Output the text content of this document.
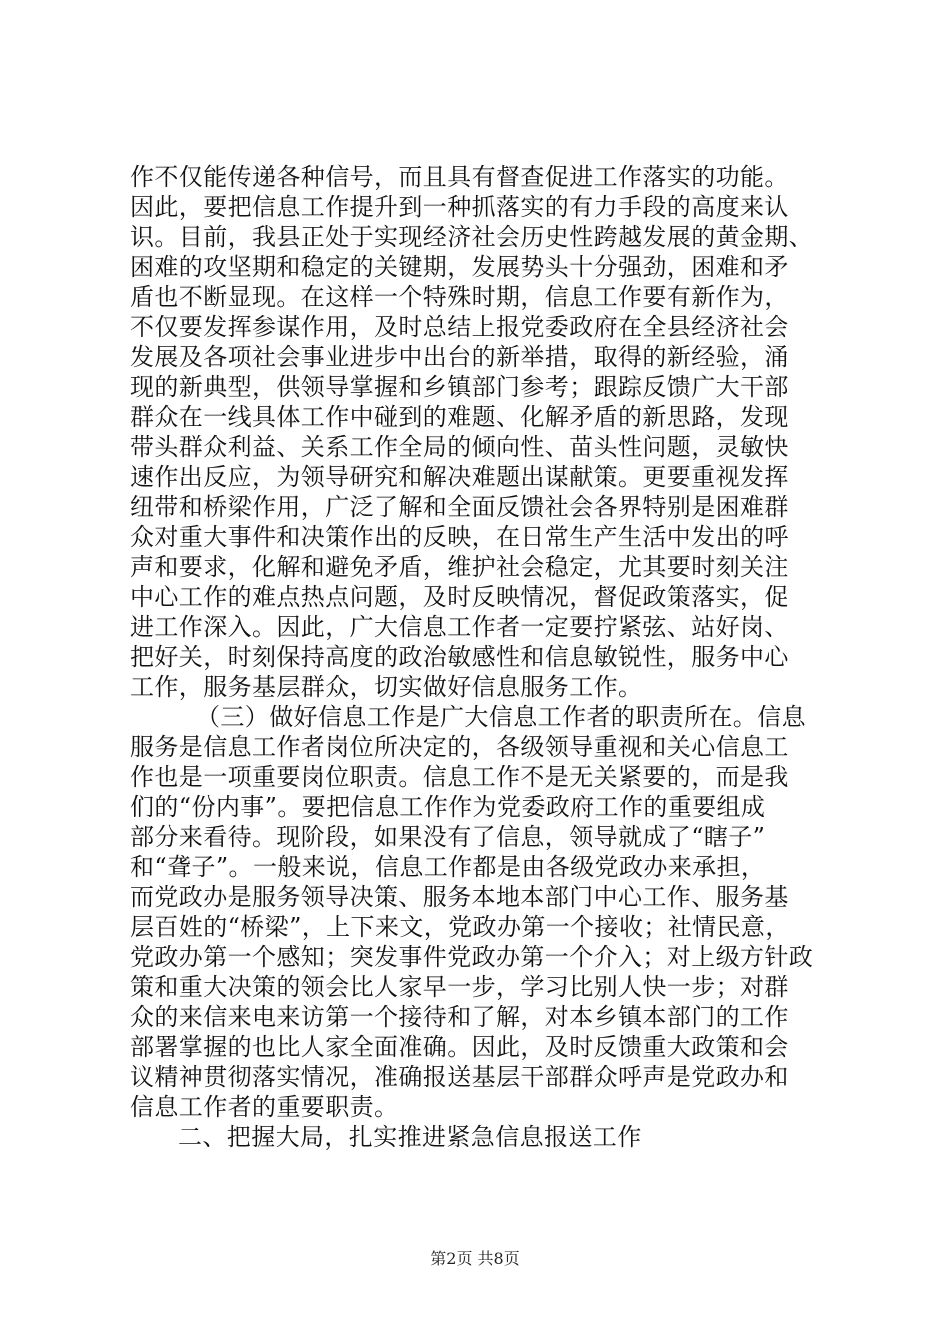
作不仅能传递各种信号，而且具有督查促进工作落实的功能。
因此，要把信息工作提升到一种抓落实的有力手段的高度来认
识。目前，我县正处于实现经济社会历史性跨越发展的黄金期、
困难的攻坚期和稳定的关键期，发展势头十分强劲，困难和矛
盾也不断显现。在这样一个特殊时期，信息工作要有新作为，
不仅要发挥参谋作用，及时总结上报党委政府在全县经济社会
发展及各项社会事业进步中出台的新举措，取得的新经验，涌
现的新典型，供领导掌握和乡镇部门参考；跟踪反馈广大干部
群众在一线具体工作中碰到的难题、化解矛盾的新思路，发现
带头群众利益、关系工作全局的倾向性、苗头性问题，灵敏快
速作出反应，为领导研究和解决难题出谋献策。更要重视发挥
纽带和桥梁作用，广泛了解和全面反馈社会各界特别是困难群
众对重大事件和决策作出的反映，在日常生产生活中发出的呼
声和要求，化解和避免矛盾，维护社会稳定，尤其要时刻关注
中心工作的难点热点问题，及时反映情况，督促政策落实，促
进工作深入。因此，广大信息工作者一定要拧紧弦、站好岗、
把好关，时刻保持高度的政治敏感性和信息敏锐性，服务中心
工作，服务基层群众，切实做好信息服务工作。
（三）做好信息工作是广大信息工作者的职责所在。信息
服务是信息工作者岗位所决定的，各级领导重视和关心信息工
作也是一项重要岗位职责。信息工作不是无关紧要的，而是我
们的“份内事”。要把信息工作作为党委政府工作的重要组成
部分来看待。现阶段，如果没有了信息，领导就成了“瞎子”
和“聋子”。一般来说，信息工作都是由各级党政办来承担，
而党政办是服务领导决策、服务本地本部门中心工作、服务基
层百姓的“桥梁”，上下来文，党政办第一个接收；社情民意，
党政办第一个感知；突发事件党政办第一个介入；对上级方针政
策和重大决策的领会比人家早一步，学习比别人快一步；对群
众的来信来电来访第一个接待和了解，对本乡镇本部门的工作
部署掌握的也比人家全面准确。因此，及时反馈重大政策和会
议精神贯彻落实情况，准确报送基层干部群众呼声是党政办和
信息工作者的重要职责。
二、把握大局，扎实推进紧急信息报送工作
第2页 共8页
